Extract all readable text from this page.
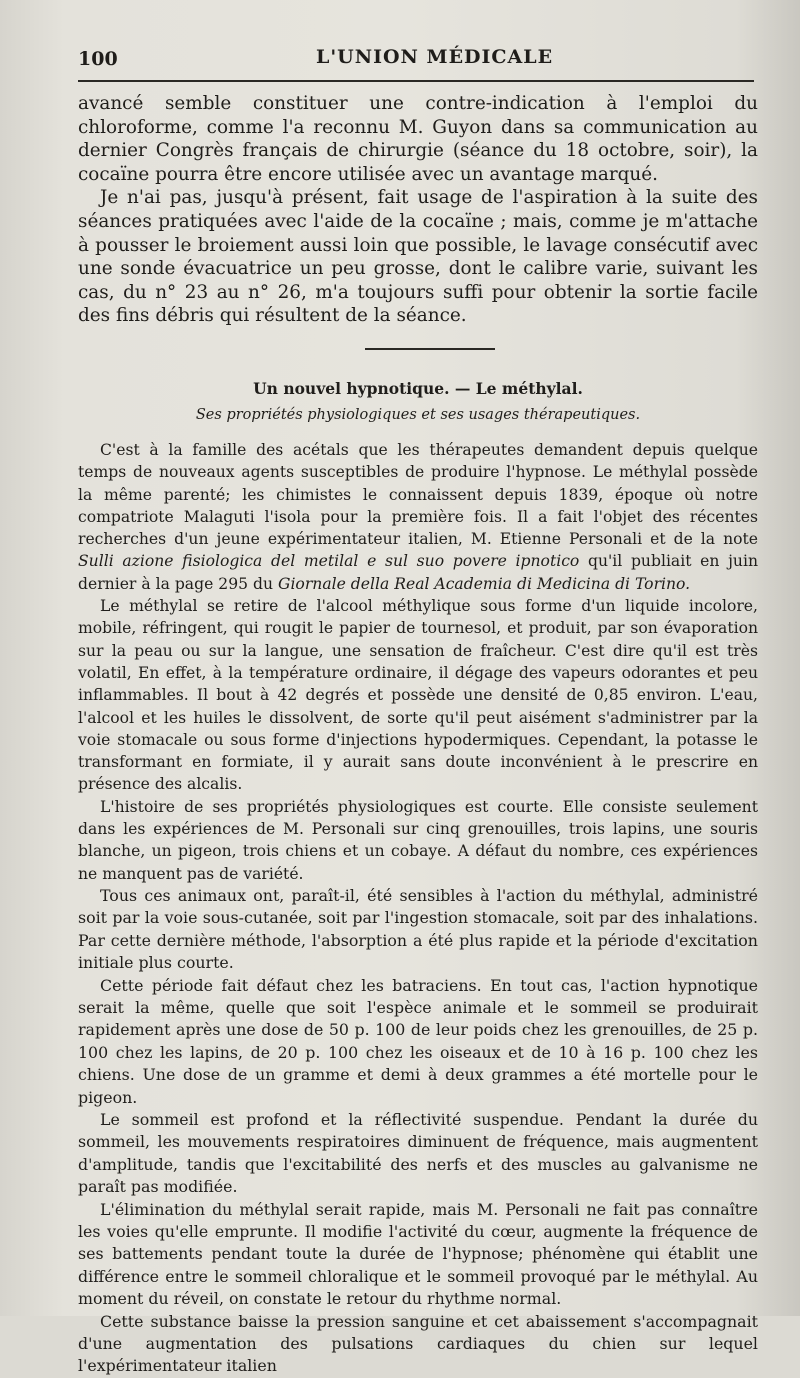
100	L'UNION MÉDICALE

avancé semble constituer une contre-indication à l'emploi du chloroforme, comme l'a reconnu M. Guyon dans sa communication au dernier Congrès français de chirurgie (séance du 18 octobre, soir), la cocaïne pourra être encore utilisée avec un avantage marqué.

Je n'ai pas, jusqu'à présent, fait usage de l'aspiration à la suite des séances pratiquées avec l'aide de la cocaïne ; mais, comme je m'attache à pousser le broiement aussi loin que possible, le lavage consécutif avec une sonde évacuatrice un peu grosse, dont le calibre varie, suivant les cas, du n° 23 au n° 26, m'a toujours suffi pour obtenir la sortie facile des fins débris qui résultent de la séance.

Un nouvel hypnotique. — Le méthylal.
Ses propriétés physiologiques et ses usages thérapeutiques.

C'est à la famille des acétals que les thérapeutes demandent depuis quelque temps de nouveaux agents susceptibles de produire l'hypnose. Le méthylal possède la même parenté; les chimistes le connaissent depuis 1839, époque où notre compatriote Malaguti l'isola pour la première fois. Il a fait l'objet des récentes recherches d'un jeune expérimentateur italien, M. Etienne Personali et de la note Sulli azione fisiologica del metilal e sul suo povere ipnotico qu'il publiait en juin dernier à la page 295 du Giornale della Real Academia di Medicina di Torino.

Le méthylal se retire de l'alcool méthylique sous forme d'un liquide incolore, mobile, réfringent, qui rougit le papier de tournesol, et produit, par son évaporation sur la peau ou sur la langue, une sensation de fraîcheur. C'est dire qu'il est très volatil, En effet, à la température ordinaire, il dégage des vapeurs odorantes et peu inflammables. Il bout à 42 degrés et possède une densité de 0,85 environ. L'eau, l'alcool et les huiles le dissolvent, de sorte qu'il peut aisément s'administrer par la voie stomacale ou sous forme d'injections hypodermiques. Cependant, la potasse le transformant en formiate, il y aurait sans doute inconvénient à le prescrire en présence des alcalis.

L'histoire de ses propriétés physiologiques est courte. Elle consiste seulement dans les expériences de M. Personali sur cinq grenouilles, trois lapins, une souris blanche, un pigeon, trois chiens et un cobaye. A défaut du nombre, ces expériences ne manquent pas de variété.

Tous ces animaux ont, paraît-il, été sensibles à l'action du méthylal, administré soit par la voie sous-cutanée, soit par l'ingestion stomacale, soit par des inhalations. Par cette dernière méthode, l'absorption a été plus rapide et la période d'excitation initiale plus courte.

Cette période fait défaut chez les batraciens. En tout cas, l'action hypnotique serait la même, quelle que soit l'espèce animale et le sommeil se produirait rapidement après une dose de 50 p. 100 de leur poids chez les grenouilles, de 25 p. 100 chez les lapins, de 20 p. 100 chez les oiseaux et de 10 à 16 p. 100 chez les chiens. Une dose de un gramme et demi à deux grammes a été mortelle pour le pigeon.

Le sommeil est profond et la réflectivité suspendue. Pendant la durée du sommeil, les mouvements respiratoires diminuent de fréquence, mais augmentent d'amplitude, tandis que l'excitabilité des nerfs et des muscles au galvanisme ne paraît pas modifiée.

L'élimination du méthylal serait rapide, mais M. Personali ne fait pas connaître les voies qu'elle emprunte. Il modifie l'activité du cœur, augmente la fréquence de ses battements pendant toute la durée de l'hypnose; phénomène qui établit une différence entre le sommeil chloralique et le sommeil provoqué par le méthylal. Au moment du réveil, on constate le retour du rhythme normal.

Cette substance baisse la pression sanguine et cet abaissement s'accompagnait d'une augmentation des pulsations cardiaques du chien sur lequel l'expérimentateur italien
